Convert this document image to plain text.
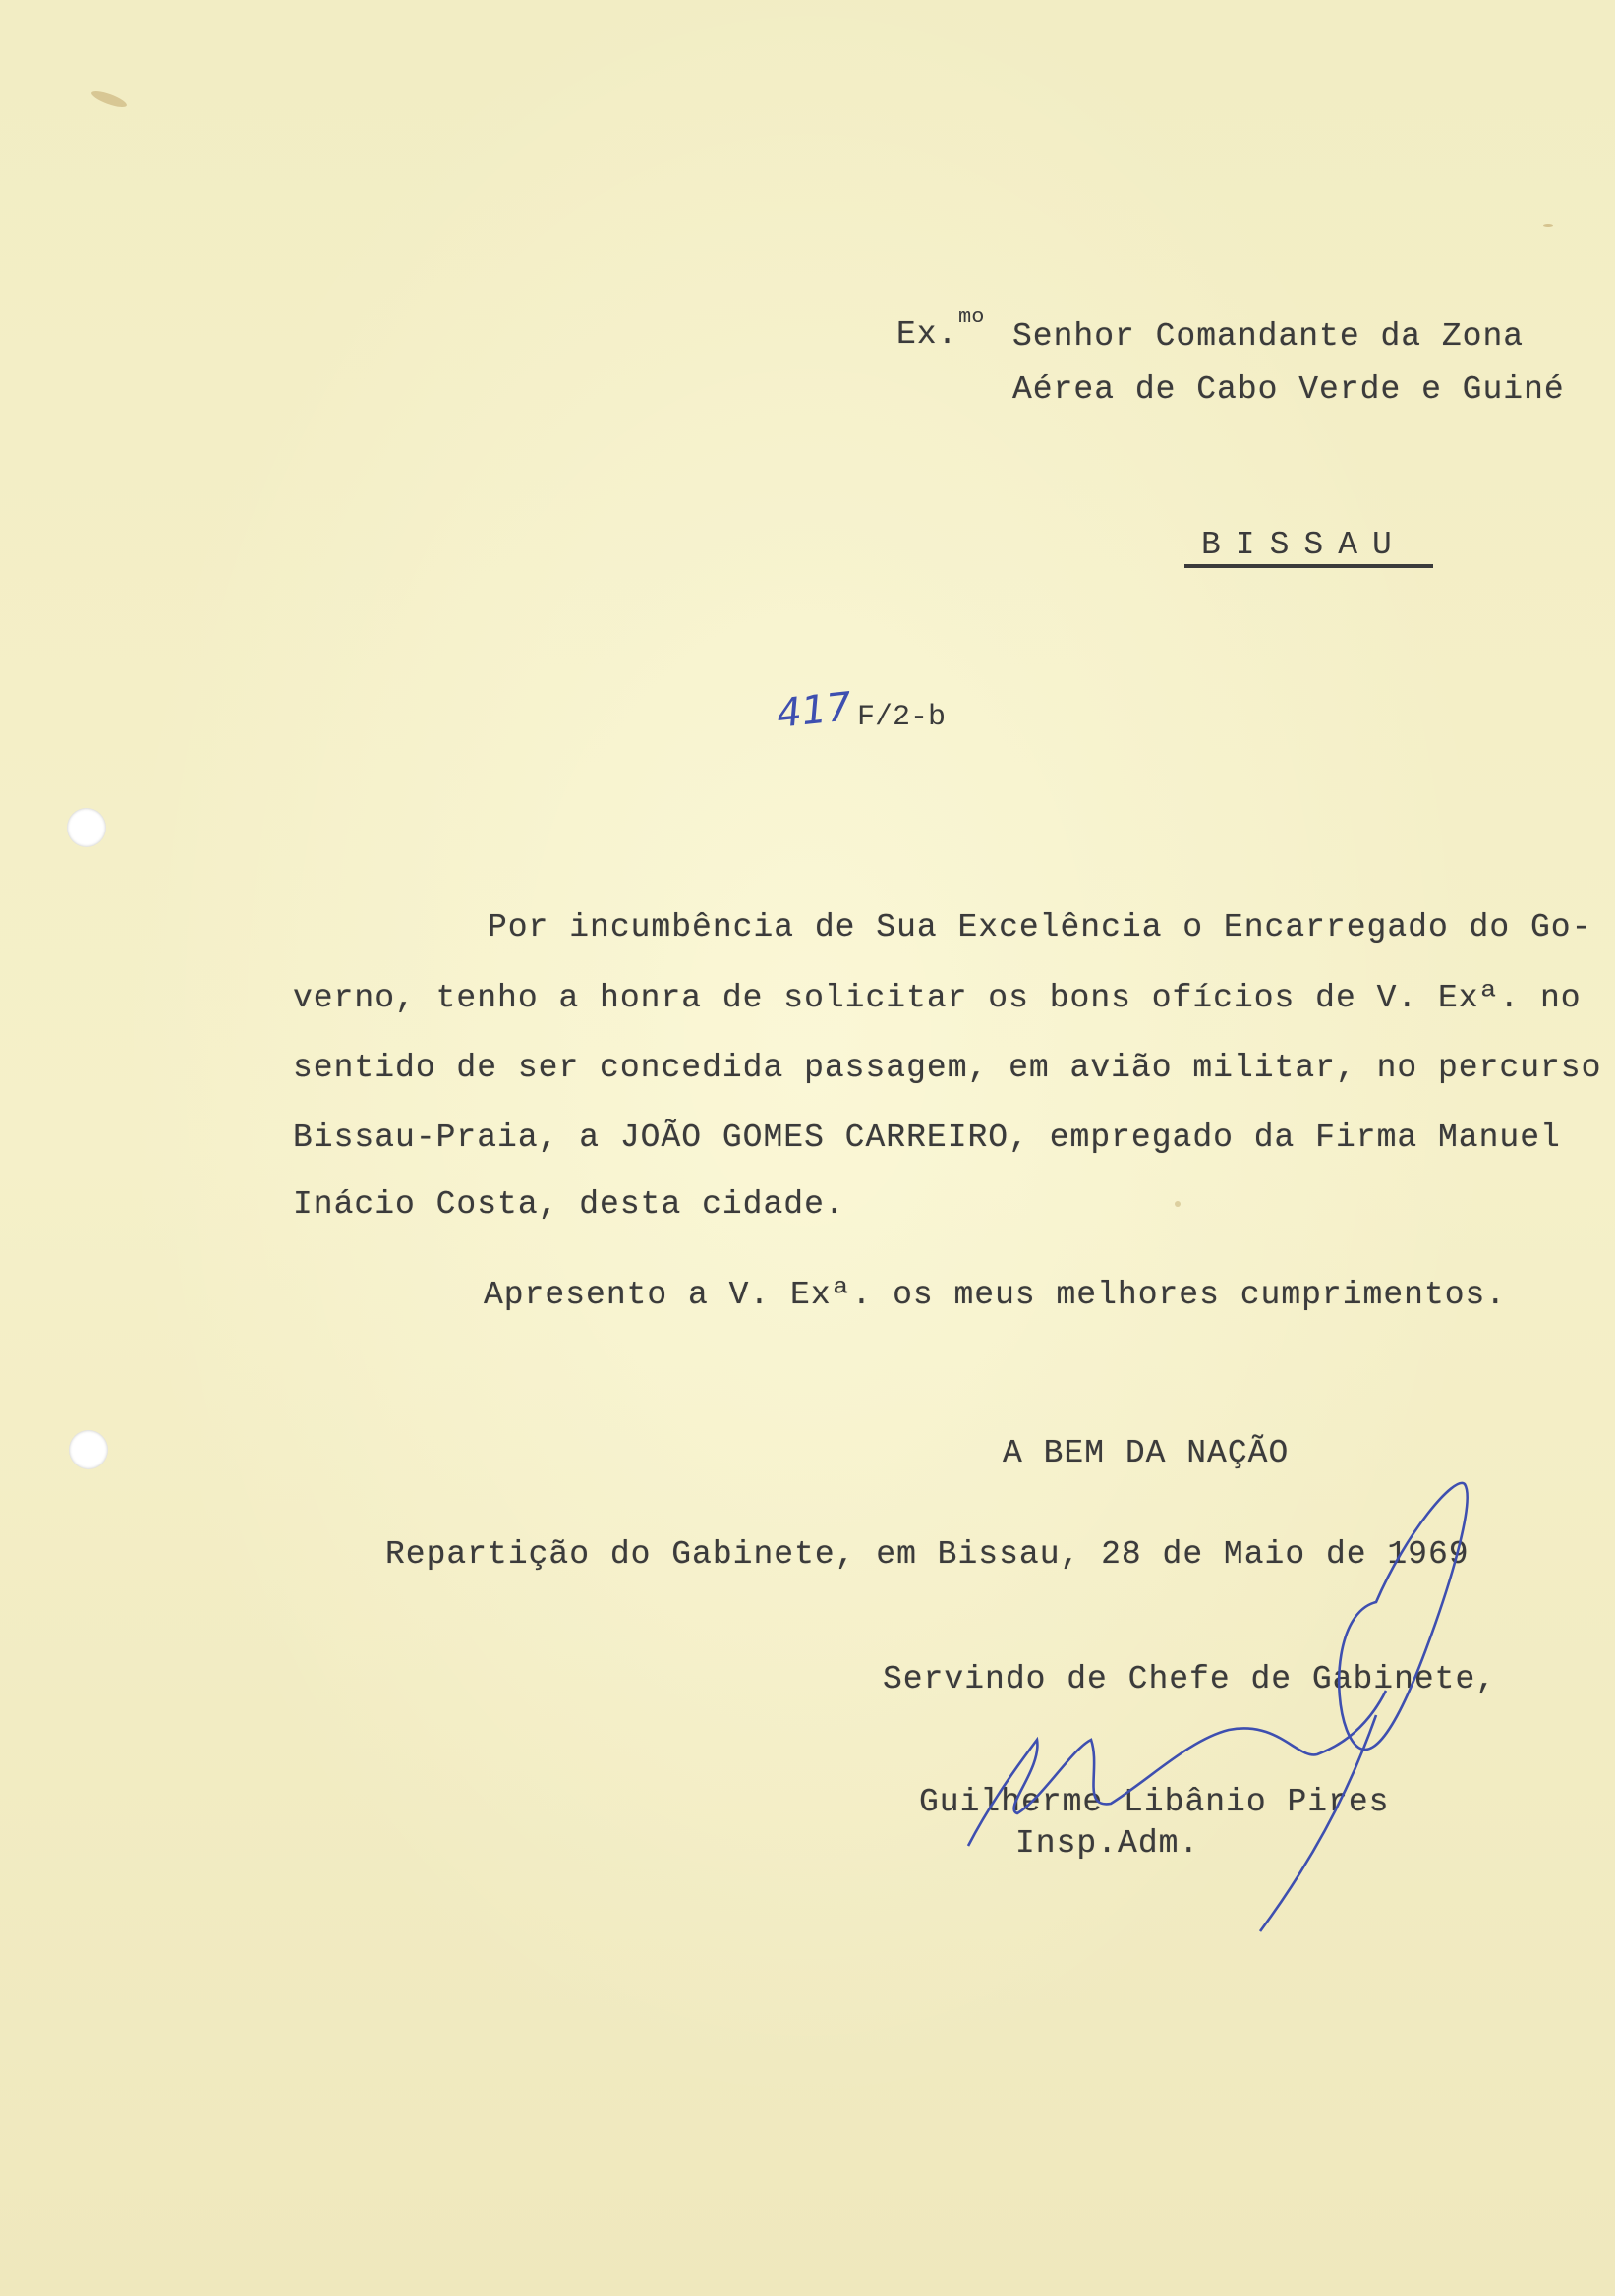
Ex. mo
Senhor Comandante da Zona
Aérea de Cabo Verde e Guiné
BISSAU
417 F/2-b
Por incumbência de Sua Excelência o Encarregado do Go-
verno, tenho a honra de solicitar os bons ofícios de V. Exª. no
sentido de ser concedida passagem, em avião militar, no percurso
Bissau-Praia, a JOÃO GOMES CARREIRO, empregado da Firma Manuel
Inácio Costa, desta cidade.
Apresento a V. Exª. os meus melhores cumprimentos.
A BEM DA NAÇÃO
Repartição do Gabinete, em Bissau, 28 de Maio de 1969
Servindo de Chefe de Gabinete,
Guilherme Libânio Pires
Insp.Adm.
